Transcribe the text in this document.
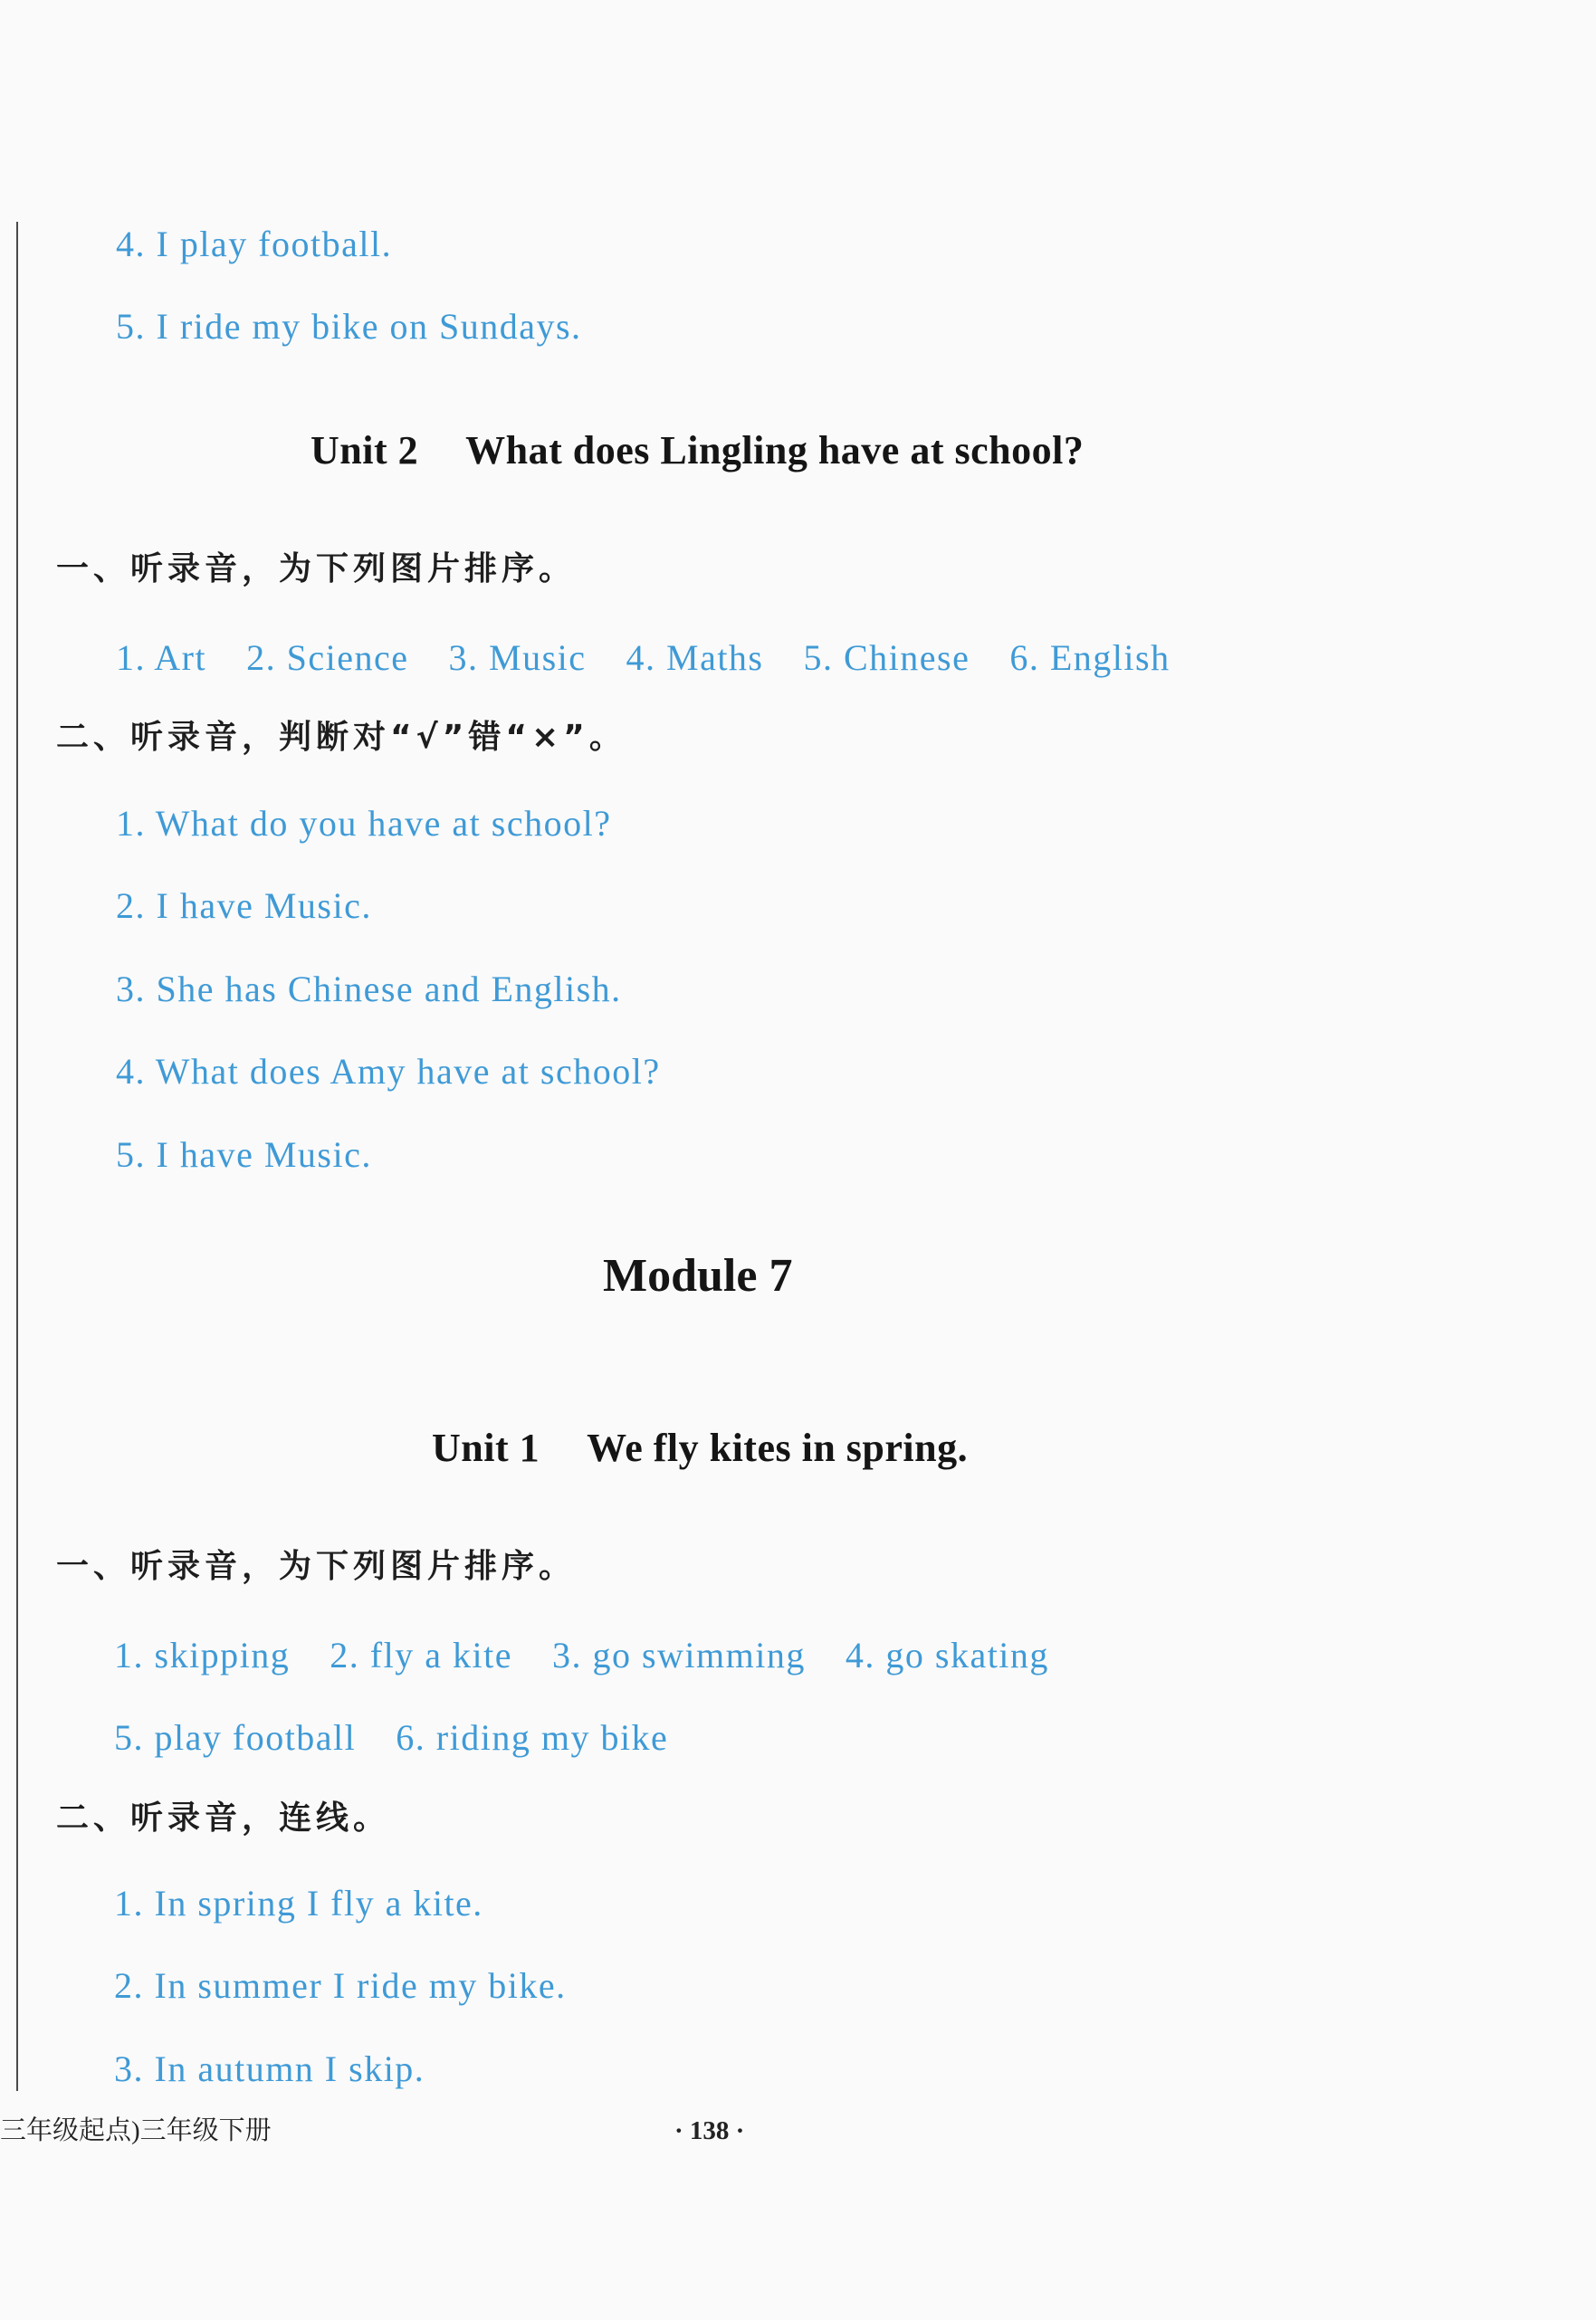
4. I play football.
5. I ride my bike on Sundays.
Unit 2 What does Lingling have at school?
一、听录音，为下列图片排序。
1. Art 2. Science 3. Music 4. Maths 5. Chinese 6. English
二、听录音，判断对“√”错“×”。
1. What do you have at school?
2. I have Music.
3. She has Chinese and English.
4. What does Amy have at school?
5. I have Music.
Module 7
Unit 1 We fly kites in spring.
一、听录音，为下列图片排序。
1. skipping 2. fly a kite 3. go swimming 4. go skating
5. play football 6. riding my bike
二、听录音，连线。
1. In spring I fly a kite.
2. In summer I ride my bike.
3. In autumn I skip.
三年级起点)三年级下册	· 138 ·
